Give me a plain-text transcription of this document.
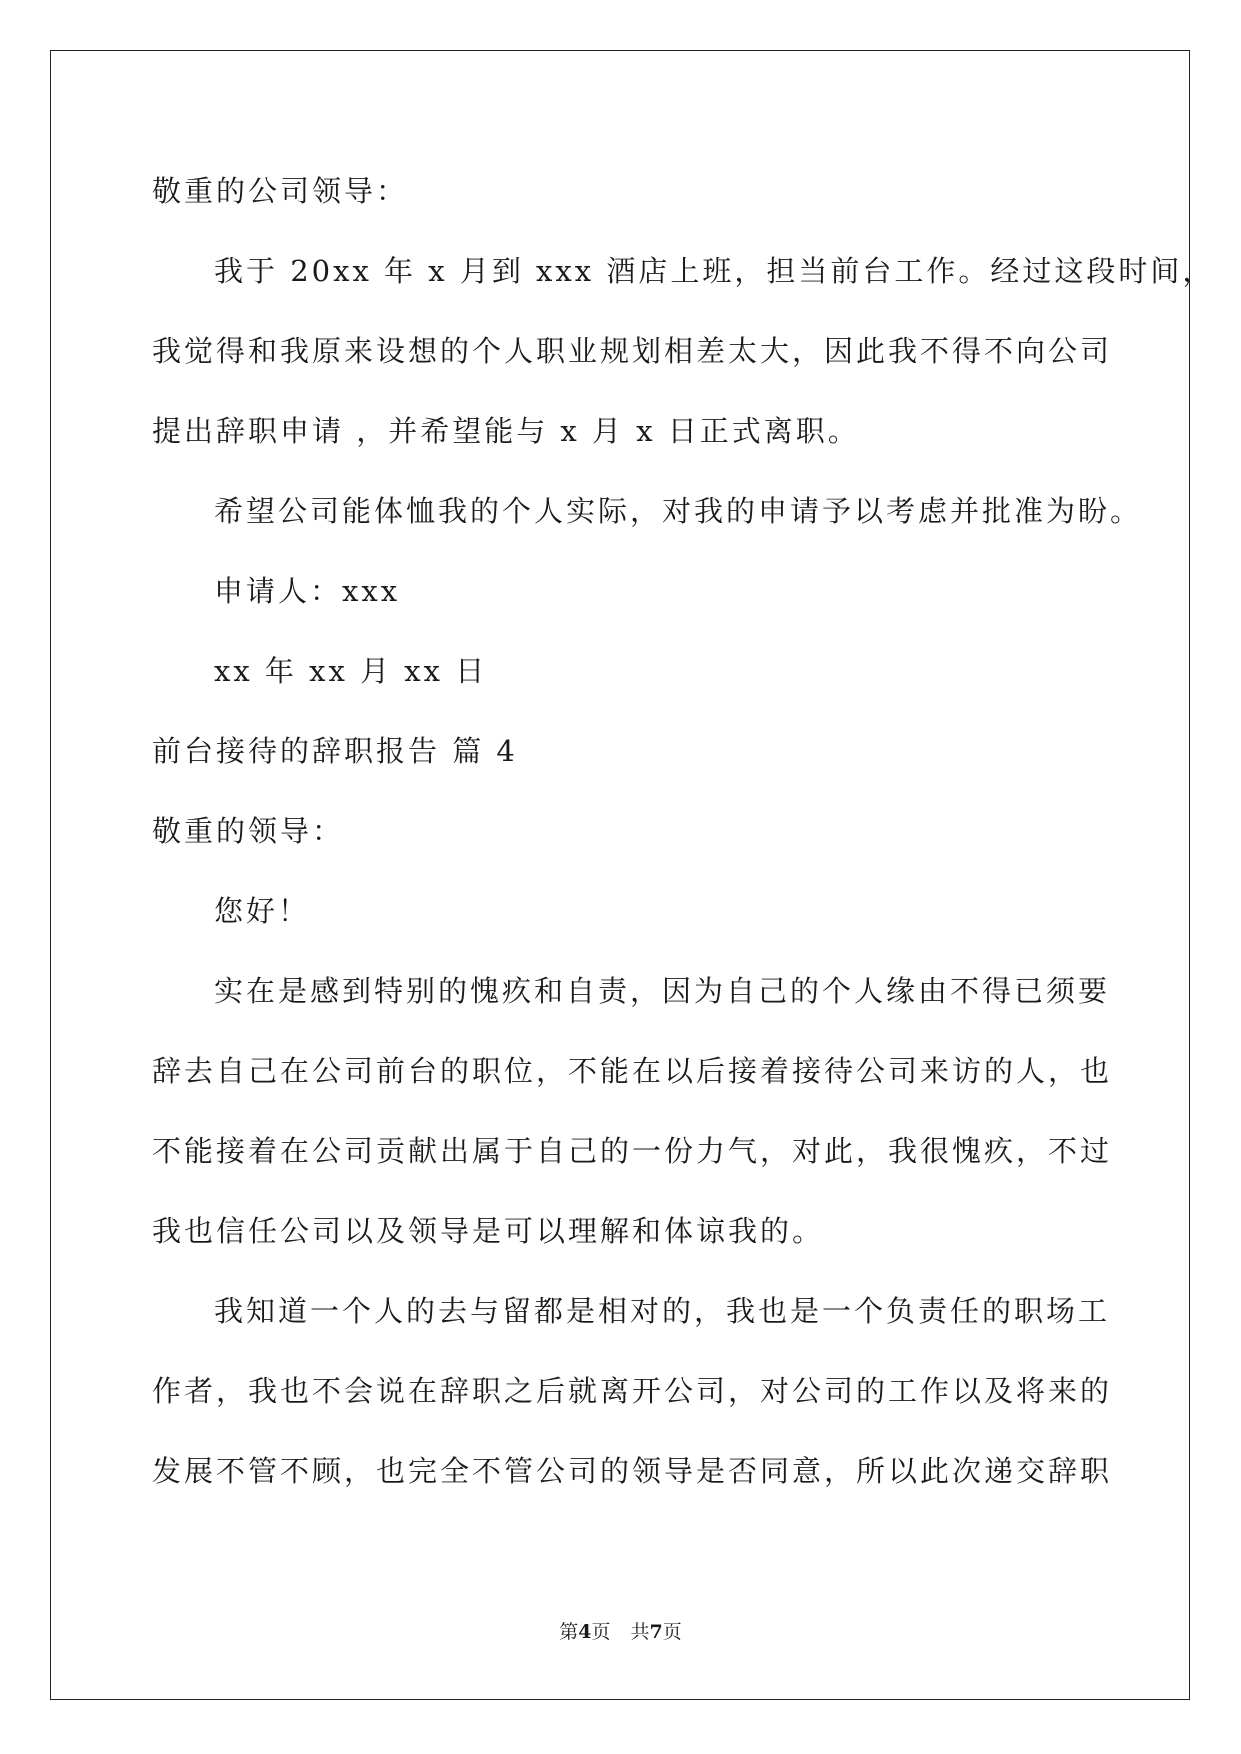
敬重的公司领导：
我于 20xx 年 x 月到 xxx 酒店上班，担当前台工作。经过这段时间，
我觉得和我原来设想的个人职业规划相差太大，因此我不得不向公司
提出辞职申请 ，并希望能与 x 月 x 日正式离职。
希望公司能体恤我的个人实际，对我的申请予以考虑并批准为盼。
申请人：xxx
xx 年 xx 月 xx 日
前台接待的辞职报告 篇 4
敬重的领导：
您好！
实在是感到特别的愧疚和自责，因为自己的个人缘由不得已须要
辞去自己在公司前台的职位，不能在以后接着接待公司来访的人，也
不能接着在公司贡献出属于自己的一份力气，对此，我很愧疚，不过
我也信任公司以及领导是可以理解和体谅我的。
我知道一个人的去与留都是相对的，我也是一个负责任的职场工
作者，我也不会说在辞职之后就离开公司，对公司的工作以及将来的
发展不管不顾，也完全不管公司的领导是否同意，所以此次递交辞职
第4页 共7页
